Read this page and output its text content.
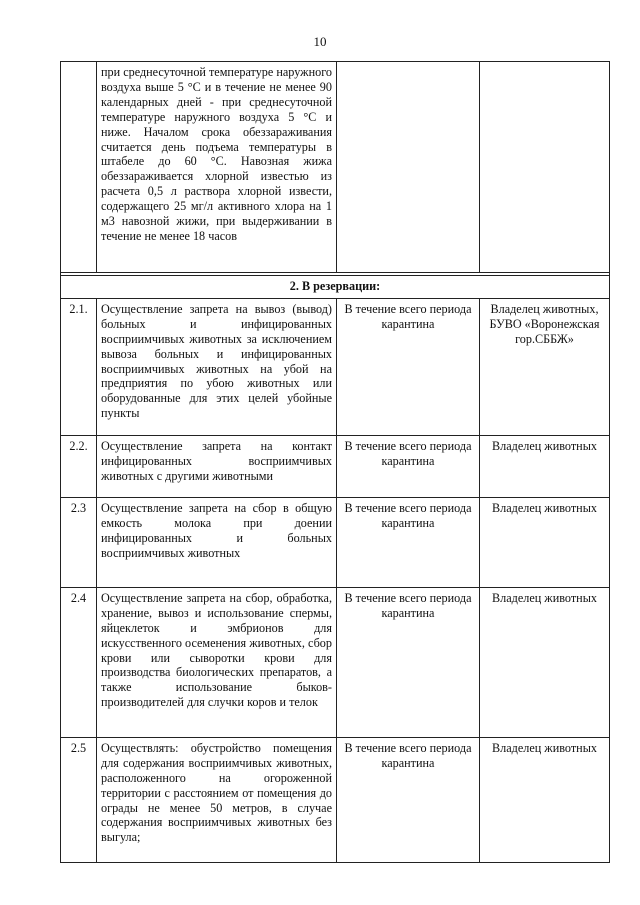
10
	при среднесуточной температуре наружного воздуха выше 5 °С и в течение не менее 90 календарных дней - при среднесуточной температуре наружного воздуха 5 °С и ниже. Началом срока обеззараживания считается день подъема температуры в штабеле до 60 °С. Навозная жижа обеззараживается хлорной известью из расчета 0,5 л раствора хлорной извести, содержащего 25 мг/л активного хлора на 1 м3 навозной жижи, при выдерживании в течение не менее 18 часов		

2. В резервации:			
2.1.	Осуществление запрета на вывоз (вывод) больных и инфицированных восприимчивых животных за исключением вывоза больных и инфицированных восприимчивых животных на убой на предприятия по убою животных или оборудованные для этих целей убойные пункты	В течение всего периода карантина	Владелец животных, БУВО «Воронежская гор.СББЖ»
2.2.	Осуществление запрета на контакт инфицированных восприимчивых животных с другими животными	В течение всего периода карантина	Владелец животных
2.3	Осуществление запрета на сбор в общую емкость молока при доении инфицированных и больных восприимчивых животных	В течение всего периода карантина	Владелец животных
2.4	Осуществление запрета на сбор, обработка, хранение, вывоз и использование спермы, яйцеклеток и эмбрионов для искусственного осеменения животных, сбор крови или сыворотки крови для производства биологических препаратов, а также использование быков-производителей для случки коров и телок	В течение всего периода карантина	Владелец животных
2.5	Осуществлять: обустройство помещения для содержания восприимчивых животных, расположенного на огороженной территории с расстоянием от помещения до ограды не менее 50 метров, в случае содержания восприимчивых животных без выгула;	В течение всего периода карантина	Владелец животных
